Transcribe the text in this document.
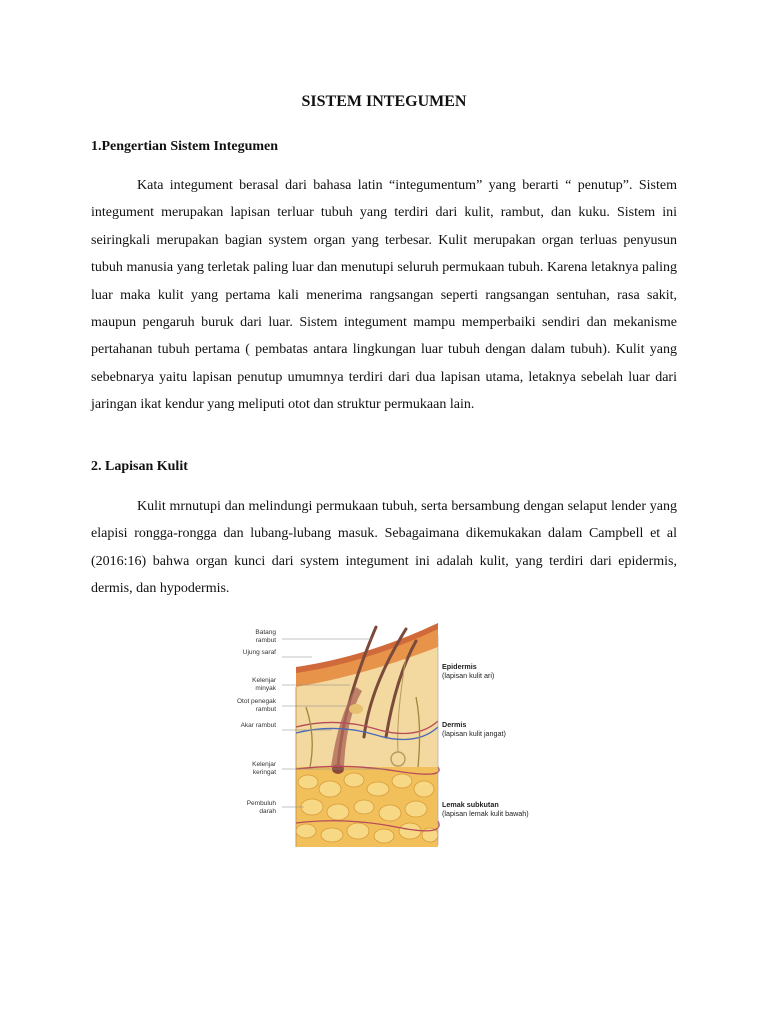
SISTEM INTEGUMEN
1.Pengertian Sistem Integumen

Kata integument berasal dari bahasa latin “integumentum” yang berarti “ penutup”. Sistem integument merupakan lapisan terluar tubuh yang terdiri dari kulit, rambut, dan kuku. Sistem ini seiringkali merupakan bagian system organ yang terbesar. Kulit merupakan organ terluas penyusun tubuh manusia yang terletak paling luar dan menutupi seluruh permukaan tubuh. Karena letaknya paling luar maka kulit yang pertama kali menerima rangsangan seperti rangsangan sentuhan, rasa sakit, maupun pengaruh buruk dari luar. Sistem integument mampu memperbaiki sendiri dan mekanisme pertahanan tubuh pertama ( pembatas antara lingkungan luar tubuh dengan dalam tubuh). Kulit yang sebebnarya yaitu lapisan penutup umumnya terdiri dari dua lapisan utama, letaknya sebelah luar dari jaringan ikat kendur yang meliputi otot dan struktur permukaan lain.

2. Lapisan Kulit

Kulit mrnutupi dan melindungi permukaan tubuh, serta bersambung dengan selaput lender yang elapisi rongga-rongga dan lubang-lubang masuk. Sebagaimana dikemukakan dalam Campbell et al (2016:16) bahwa organ kunci dari system integument ini adalah kulit, yang terdiri dari epidermis, dermis, dan hypodermis.

Batang rambut
Ujung saraf
Kelenjar minyak
Otot penegak rambut
Akar rambut
Kelenjar keringat
Pembuluh darah
Epidermis
(lapisan kulit ari)
Dermis
(lapisan kulit jangat)
Lemak subkutan
(lapisan lemak kulit bawah)
